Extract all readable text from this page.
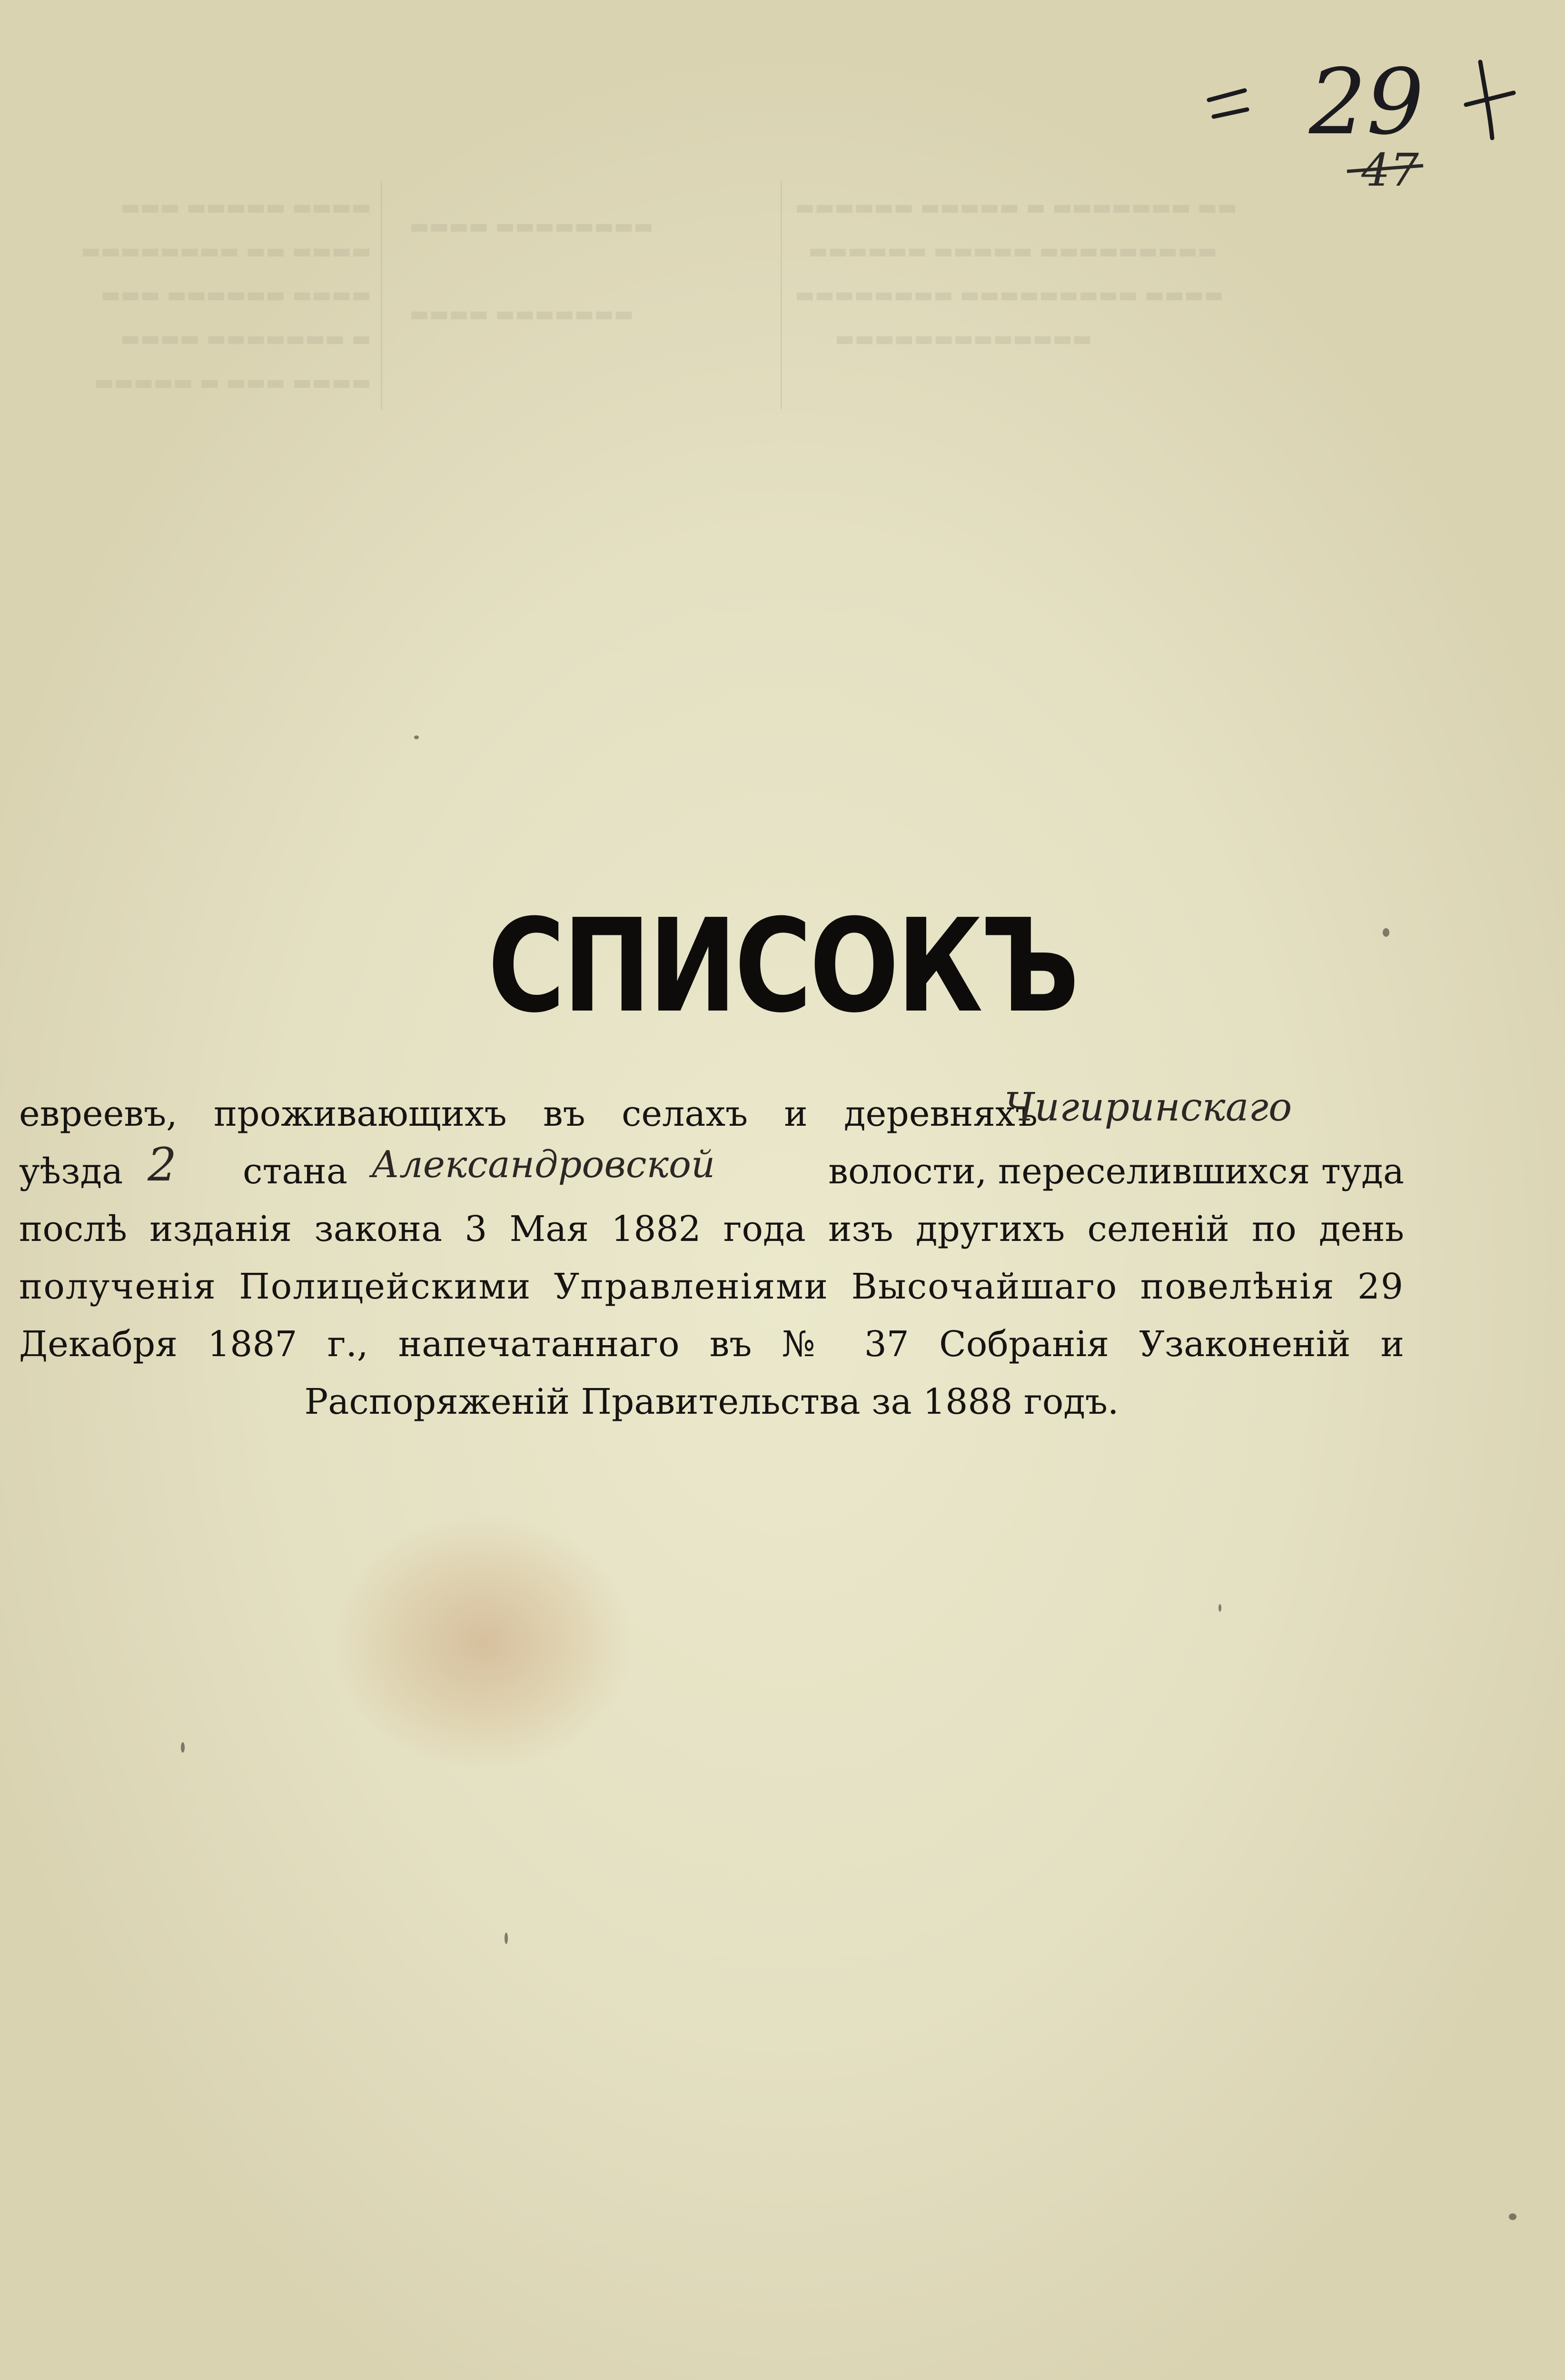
▬▬▬ ▬▬▬▬▬ ▬▬▬▬
▬▬▬▬▬▬▬▬ ▬▬ ▬▬▬▬
▬▬▬ ▬▬▬▬▬▬ ▬▬▬▬
▬▬▬▬ ▬▬▬▬▬▬▬ ▬
▬▬▬▬▬ ▬ ▬▬▬ ▬▬▬▬
▬▬▬▬ ▬▬▬▬▬▬▬▬

▬▬▬▬ ▬▬▬▬▬▬▬
▬▬▬▬▬▬ ▬▬▬▬▬ ▬ ▬▬▬▬▬▬▬ ▬▬
▬▬▬▬▬▬ ▬▬▬▬▬ ▬▬▬▬▬▬▬▬▬
▬▬▬▬▬▬▬▬ ▬▬▬▬▬▬▬▬▬ ▬▬▬▬
▬▬▬▬▬▬▬▬▬▬▬▬▬
29
47
СПИСОКЪ
евреевъ, проживающихъ въ селахъ и деревняхъ
Чигиринскаго
уѣзда 2 стана Александровской	волости, переселившихся туда
послѣ изданія закона 3 Мая 1882 года изъ другихъ селеній по день
полученія Полицейскими Управленіями Высочайшаго повелѣнія 29
Декабря 1887 г., напечатаннаго въ № 37 Собранія Узаконеній и
Распоряженій Правительства за 1888 годъ.
